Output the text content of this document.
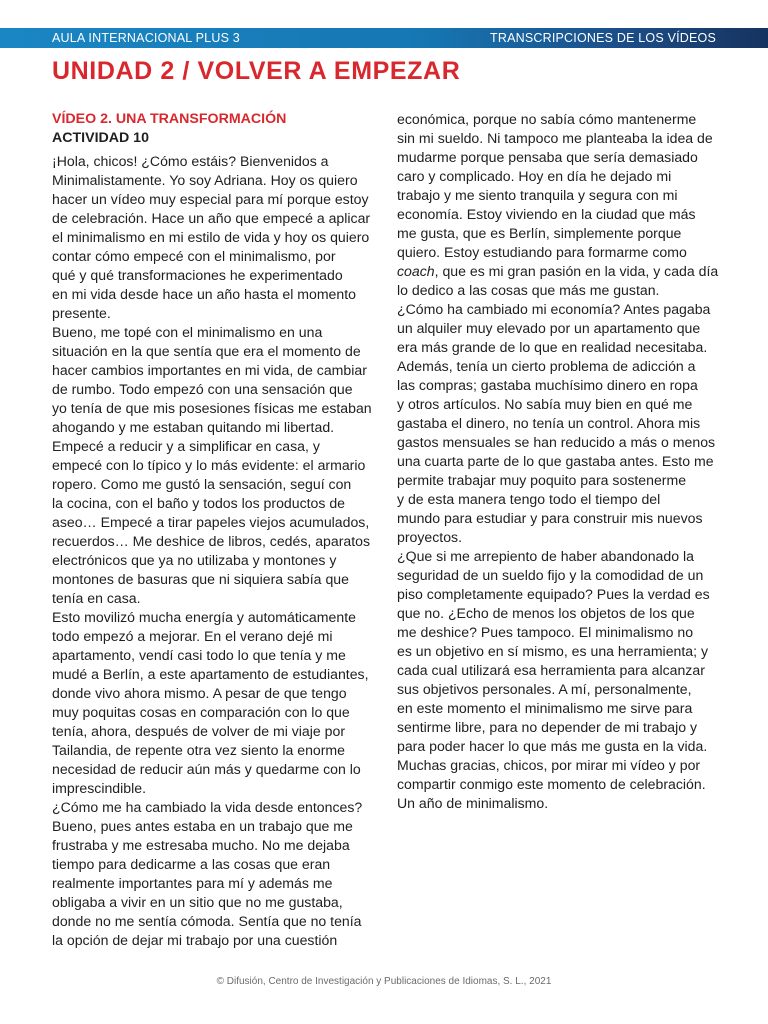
AULA INTERNACIONAL PLUS 3	TRANSCRIPCIONES DE LOS VÍDEOS
UNIDAD 2 / VOLVER A EMPEZAR

VÍDEO 2. UNA TRANSFORMACIÓN

ACTIVIDAD 10

¡Hola, chicos! ¿Cómo estáis? Bienvenidos a
Minimalistamente. Yo soy Adriana. Hoy os quiero
hacer un vídeo muy especial para mí porque estoy
de celebración. Hace un año que empecé a aplicar
el minimalismo en mi estilo de vida y hoy os quiero
contar cómo empecé con el minimalismo, por
qué y qué transformaciones he experimentado
en mi vida desde hace un año hasta el momento
presente.
Bueno, me topé con el minimalismo en una
situación en la que sentía que era el momento de
hacer cambios importantes en mi vida, de cambiar
de rumbo. Todo empezó con una sensación que
yo tenía de que mis posesiones físicas me estaban
ahogando y me estaban quitando mi libertad.
Empecé a reducir y a simplificar en casa, y
empecé con lo típico y lo más evidente: el armario
ropero. Como me gustó la sensación, seguí con
la cocina, con el baño y todos los productos de
aseo… Empecé a tirar papeles viejos acumulados,
recuerdos… Me deshice de libros, cedés, aparatos
electrónicos que ya no utilizaba y montones y
montones de basuras que ni siquiera sabía que
tenía en casa.
Esto movilizó mucha energía y automáticamente
todo empezó a mejorar. En el verano dejé mi
apartamento, vendí casi todo lo que tenía y me
mudé a Berlín, a este apartamento de estudiantes,
donde vivo ahora mismo. A pesar de que tengo
muy poquitas cosas en comparación con lo que
tenía, ahora, después de volver de mi viaje por
Tailandia, de repente otra vez siento la enorme
necesidad de reducir aún más y quedarme con lo
imprescindible.
¿Cómo me ha cambiado la vida desde entonces?
Bueno, pues antes estaba en un trabajo que me
frustraba y me estresaba mucho. No me dejaba
tiempo para dedicarme a las cosas que eran
realmente importantes para mí y además me
obligaba a vivir en un sitio que no me gustaba,
donde no me sentía cómoda. Sentía que no tenía
la opción de dejar mi trabajo por una cuestión
económica, porque no sabía cómo mantenerme
sin mi sueldo. Ni tampoco me planteaba la idea de
mudarme porque pensaba que sería demasiado
caro y complicado. Hoy en día he dejado mi
trabajo y me siento tranquila y segura con mi
economía. Estoy viviendo en la ciudad que más
me gusta, que es Berlín, simplemente porque
quiero. Estoy estudiando para formarme como
coach, que es mi gran pasión en la vida, y cada día
lo dedico a las cosas que más me gustan.
¿Cómo ha cambiado mi economía? Antes pagaba
un alquiler muy elevado por un apartamento que
era más grande de lo que en realidad necesitaba.
Además, tenía un cierto problema de adicción a
las compras; gastaba muchísimo dinero en ropa
y otros artículos. No sabía muy bien en qué me
gastaba el dinero, no tenía un control. Ahora mis
gastos mensuales se han reducido a más o menos
una cuarta parte de lo que gastaba antes. Esto me
permite trabajar muy poquito para sostenerme
y de esta manera tengo todo el tiempo del
mundo para estudiar y para construir mis nuevos
proyectos.
¿Que si me arrepiento de haber abandonado la
seguridad de un sueldo fijo y la comodidad de un
piso completamente equipado? Pues la verdad es
que no. ¿Echo de menos los objetos de los que
me deshice? Pues tampoco. El minimalismo no
es un objetivo en sí mismo, es una herramienta; y
cada cual utilizará esa herramienta para alcanzar
sus objetivos personales. A mí, personalmente,
en este momento el minimalismo me sirve para
sentirme libre, para no depender de mi trabajo y
para poder hacer lo que más me gusta en la vida.
Muchas gracias, chicos, por mirar mi vídeo y por
compartir conmigo este momento de celebración.
Un año de minimalismo.
© Difusión, Centro de Investigación y Publicaciones de Idiomas, S. L., 2021
